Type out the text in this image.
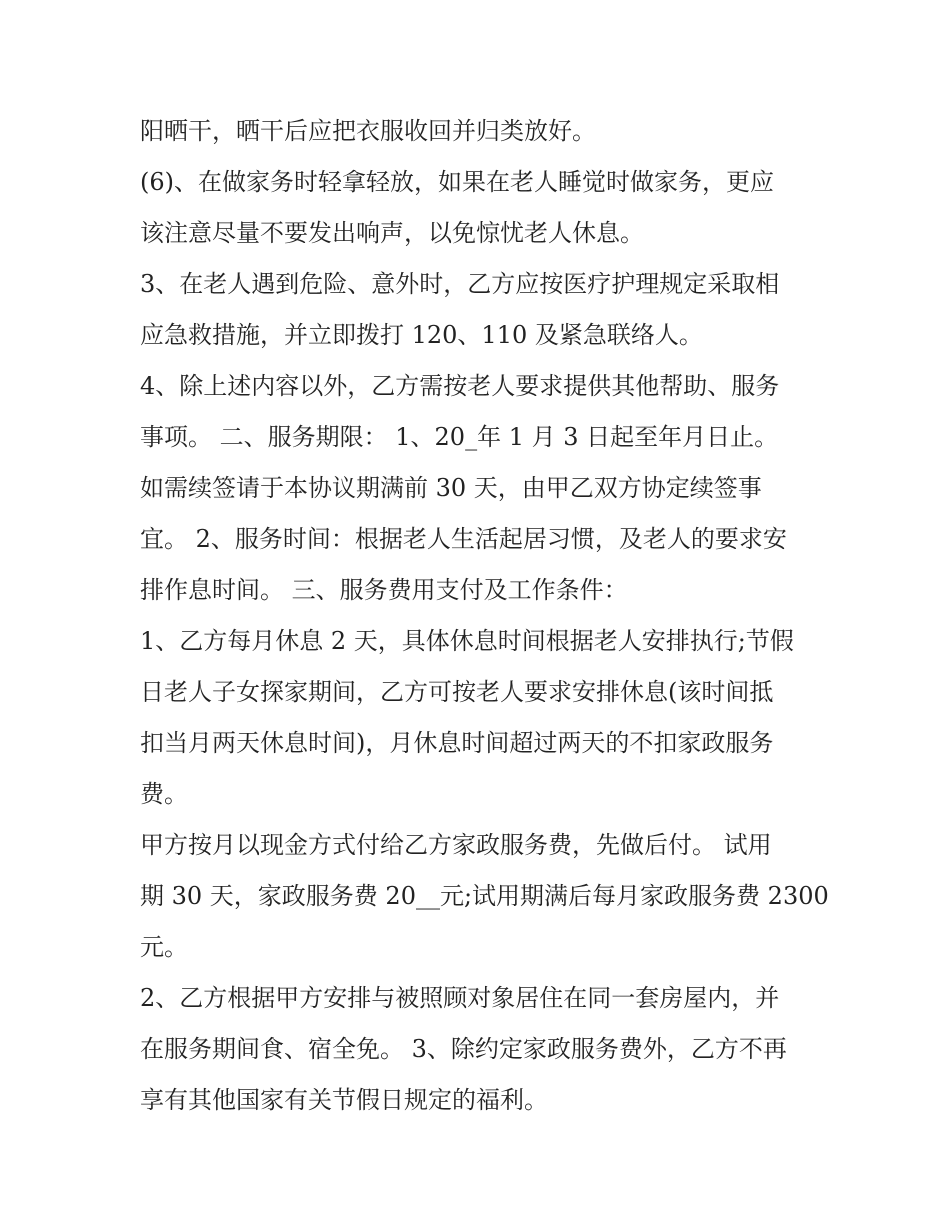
阳晒干，晒干后应把衣服收回并归类放好。
(6)、在做家务时轻拿轻放，如果在老人睡觉时做家务，更应
该注意尽量不要发出响声，以免惊忧老人休息。
3、在老人遇到危险、意外时，乙方应按医疗护理规定采取相
应急救措施，并立即拨打 120、110 及紧急联络人。
4、除上述内容以外，乙方需按老人要求提供其他帮助、服务
事项。 二、服务期限： 1、20_年 1 月 3 日起至年月日止。
如需续签请于本协议期满前 30 天，由甲乙双方协定续签事
宜。 2、服务时间：根据老人生活起居习惯，及老人的要求安
排作息时间。 三、服务费用支付及工作条件：
1、乙方每月休息 2 天，具体休息时间根据老人安排执行;节假
日老人子女探家期间，乙方可按老人要求安排休息(该时间抵
扣当月两天休息时间)，月休息时间超过两天的不扣家政服务
费。
甲方按月以现金方式付给乙方家政服务费，先做后付。 试用
期 30 天，家政服务费 20__元;试用期满后每月家政服务费 2300
元。
2、乙方根据甲方安排与被照顾对象居住在同一套房屋内，并
在服务期间食、宿全免。 3、除约定家政服务费外，乙方不再
享有其他国家有关节假日规定的福利。
